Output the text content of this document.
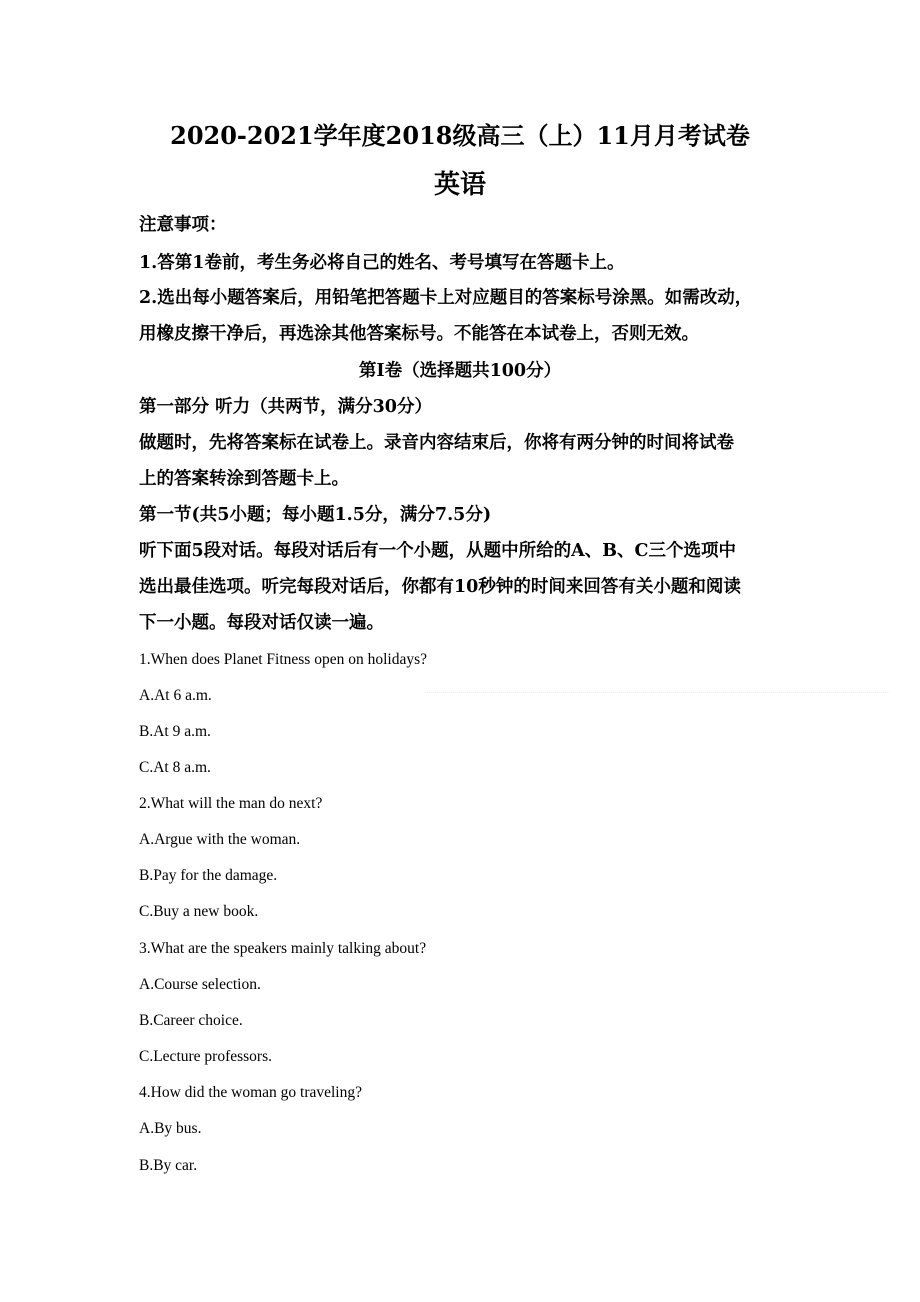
2020-2021学年度2018级高三（上）11月月考试卷
英语
注意事项：
1.答第1卷前，考生务必将自己的姓名、考号填写在答题卡上。
2.选出每小题答案后，用铅笔把答题卡上对应题目的答案标号涂黑。如需改动，
用橡皮擦干净后，再选涂其他答案标号。不能答在本试卷上，否则无效。
第Ⅰ卷（选择题共100分）
第一部分 听力（共两节，满分30分）
做题时，先将答案标在试卷上。录音内容结束后，你将有两分钟的时间将试卷
上的答案转涂到答题卡上。
第一节(共5小题；每小题1.5分，满分7.5分)
听下面5段对话。每段对话后有一个小题，从题中所给的A、B、C三个选项中
选出最佳选项。听完每段对话后，你都有10秒钟的时间来回答有关小题和阅读
下一小题。每段对话仅读一遍。
1.When does Planet Fitness open on holidays?
A.At 6 a.m.
B.At 9 a.m.
C.At 8 a.m.
2.What will the man do next?
A.Argue with the woman.
B.Pay for the damage.
C.Buy a new book.
3.What are the speakers mainly talking about?
A.Course selection.
B.Career choice.
C.Lecture professors.
4.How did the woman go traveling?
A.By bus.
B.By car.
